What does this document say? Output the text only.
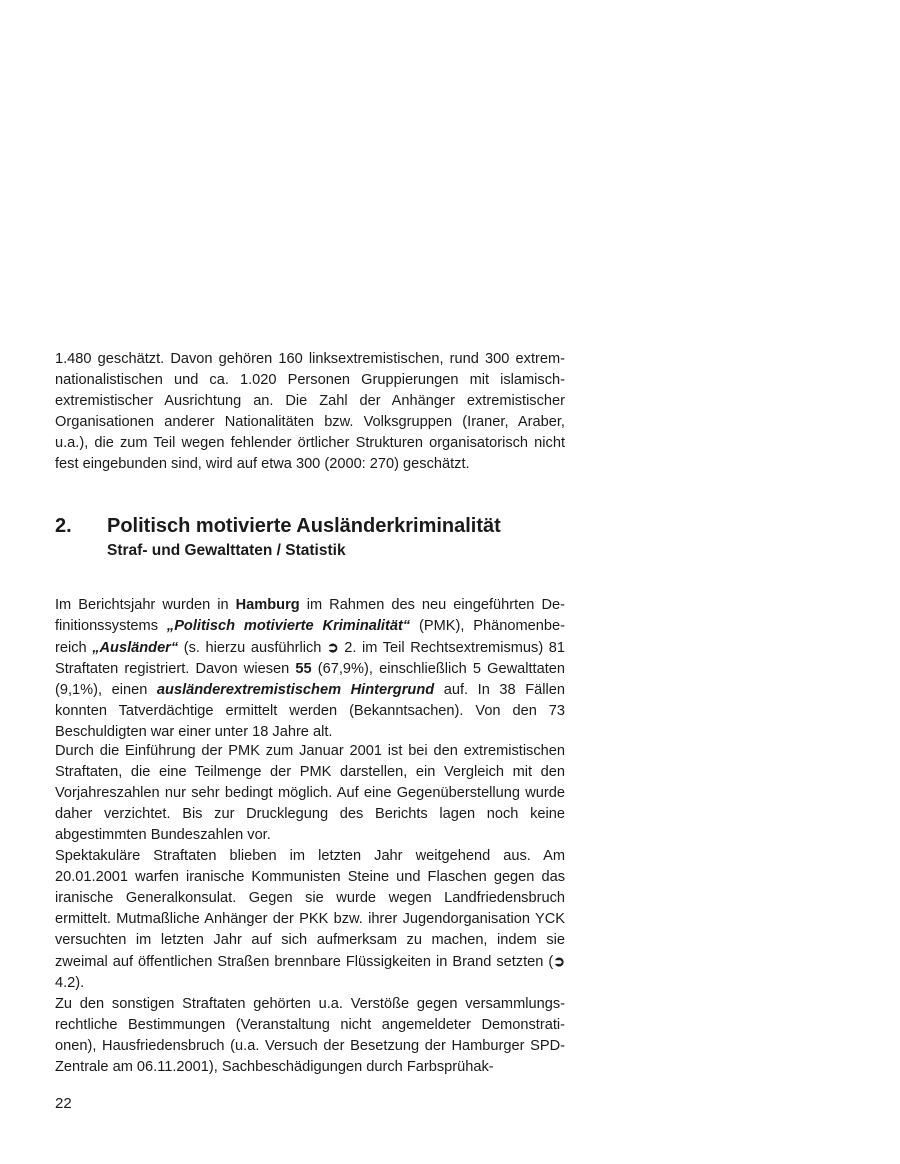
1.480 geschätzt. Davon gehören 160 linksextremistischen, rund 300 extrem-nationalistischen und ca. 1.020 Personen Gruppierungen mit islamisch-extremistischer Ausrichtung an. Die Zahl der Anhänger extremistischer Organisationen anderer Nationalitäten bzw. Volksgruppen (Iraner, Araber, u.a.), die zum Teil wegen fehlender örtlicher Strukturen organisatorisch nicht fest eingebunden sind, wird auf etwa 300 (2000: 270) geschätzt.

2. Politisch motivierte Ausländerkriminalität
Straf- und Gewalttaten / Statistik

Im Berichtsjahr wurden in Hamburg im Rahmen des neu eingeführten Definitionssystems „Politisch motivierte Kriminalität“ (PMK), Phänomenbereich „Ausländer“ (s. hierzu ausführlich ➲ 2. im Teil Rechtsextremismus) 81 Straftaten registriert. Davon wiesen 55 (67,9%), einschließlich 5 Gewalttaten (9,1%), einen ausländerextremistischem Hintergrund auf. In 38 Fällen konnten Tatverdächtige ermittelt werden (Bekanntsachen). Von den 73 Beschuldigten war einer unter 18 Jahre alt.

Durch die Einführung der PMK zum Januar 2001 ist bei den extremistischen Straftaten, die eine Teilmenge der PMK darstellen, ein Vergleich mit den Vorjahreszahlen nur sehr bedingt möglich. Auf eine Gegenüberstellung wurde daher verzichtet. Bis zur Drucklegung des Berichts lagen noch keine abgestimmten Bundeszahlen vor.

Spektakuläre Straftaten blieben im letzten Jahr weitgehend aus. Am 20.01.2001 warfen iranische Kommunisten Steine und Flaschen gegen das iranische Generalkonsulat. Gegen sie wurde wegen Landfriedensbruch ermittelt. Mutmaßliche Anhänger der PKK bzw. ihrer Jugendorganisation YCK versuchten im letzten Jahr auf sich aufmerksam zu machen, indem sie zweimal auf öffentlichen Straßen brennbare Flüssigkeiten in Brand setzten (➲ 4.2).

Zu den sonstigen Straftaten gehörten u.a. Verstöße gegen versammlungsrechtliche Bestimmungen (Veranstaltung nicht angemeldeter Demonstrationen), Hausfriedensbruch (u.a. Versuch der Besetzung der Hamburger SPD-Zentrale am 06.11.2001), Sachbeschädigungen durch Farbsprühak-

22
